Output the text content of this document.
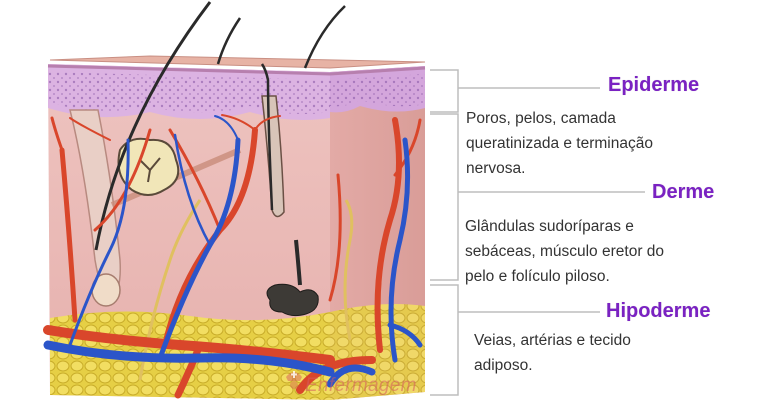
Epiderme

Poros, pelos, camada
queratinizada e terminação
nervosa.

Derme

Glândulas sudoríparas e
sebáceas, músculo eretor do
pelo e folículo piloso.

Hipoderme

Veias, artérias e tecido
adiposo.

Enfermagem
